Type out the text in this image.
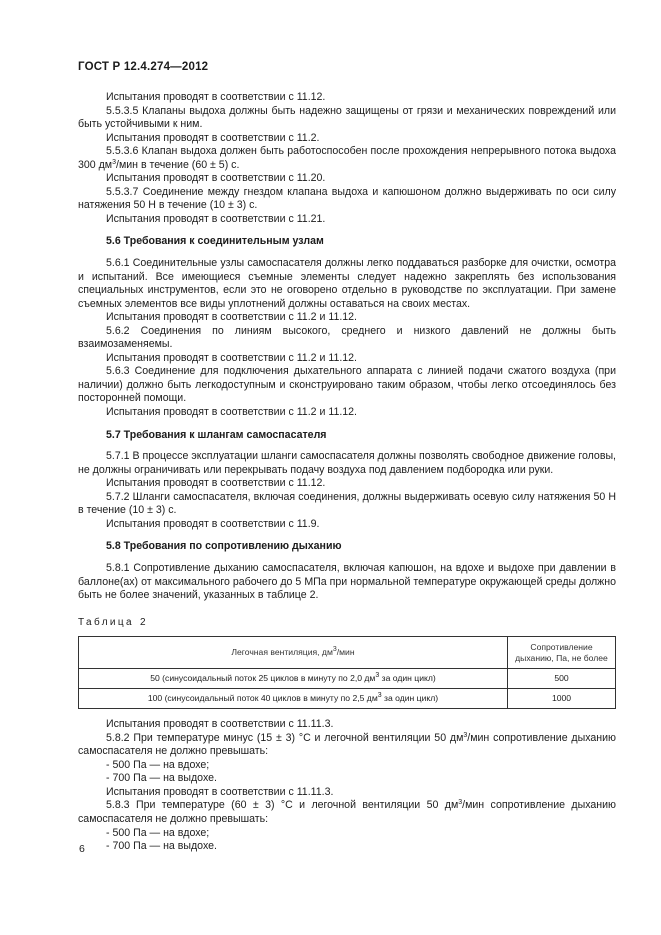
ГОСТ Р 12.4.274—2012

Испытания проводят в соответствии с 11.12.

5.5.3.5 Клапаны выдоха должны быть надежно защищены от грязи и механических повреждений или быть устойчивыми к ним.

Испытания проводят в соответствии с 11.2.

5.5.3.6 Клапан выдоха должен быть работоспособен после прохождения непрерывного потока выдоха 300 $дм^3$/мин в течение (60 ± 5) с.

Испытания проводят в соответствии с 11.20.

5.5.3.7 Соединение между гнездом клапана выдоха и капюшоном должно выдерживать по оси силу натяжения 50 Н в течение (10 ± 3) с.

Испытания проводят в соответствии с 11.21.

5.6 Требования к соединительным узлам

5.6.1 Соединительные узлы самоспасателя должны легко поддаваться разборке для очистки, осмотра и испытаний. Все имеющиеся съемные элементы следует надежно закреплять без использования специальных инструментов, если это не оговорено отдельно в руководстве по эксплуатации. При замене съемных элементов все виды уплотнений должны оставаться на своих местах.

Испытания проводят в соответствии с 11.2 и 11.12.

5.6.2 Соединения по линиям высокого, среднего и низкого давлений не должны быть взаимозаменяемы.

Испытания проводят в соответствии с 11.2 и 11.12.

5.6.3 Соединение для подключения дыхательного аппарата с линией подачи сжатого воздуха (при наличии) должно быть легкодоступным и сконструировано таким образом, чтобы легко отсоединялось без посторонней помощи.

Испытания проводят в соответствии с 11.2 и 11.12.

5.7 Требования к шлангам самоспасателя

5.7.1 В процессе эксплуатации шланги самоспасателя должны позволять свободное движение головы, не должны ограничивать или перекрывать подачу воздуха под давлением подбородка или руки.

Испытания проводят в соответствии с 11.12.

5.7.2 Шланги самоспасателя, включая соединения, должны выдерживать осевую силу натяжения 50 Н в течение (10 ± 3) с.

Испытания проводят в соответствии с 11.9.

5.8 Требования по сопротивлению дыханию

5.8.1 Сопротивление дыханию самоспасателя, включая капюшон, на вдохе и выдохе при давлении в баллоне(ах) от максимального рабочего до 5 МПа при нормальной температуре окружающей среды должно быть не более значений, указанных в таблице 2.

Таблица 2

Легочная вентиляция, $дм^3$/мин	Сопротивление дыханию, Па, не более
50 (синусоидальный поток 25 циклов в минуту по 2,0 $дм^3$ за один цикл)	500
100 (синусоидальный поток 40 циклов в минуту по 2,5 $дм^3$ за один цикл)	1000

Испытания проводят в соответствии с 11.11.3.

5.8.2 При температуре минус (15 ± 3) °С и легочной вентиляции 50 $дм^3$/мин сопротивление дыханию самоспасателя не должно превышать:

- 500 Па — на вдохе;

- 700 Па — на выдохе.

Испытания проводят в соответствии с 11.11.3.

5.8.3 При температуре (60 ± 3) °С и легочной вентиляции 50 $дм^3$/мин сопротивление дыханию самоспасателя не должно превышать:

- 500 Па — на вдохе;

- 700 Па — на выдохе.

6
